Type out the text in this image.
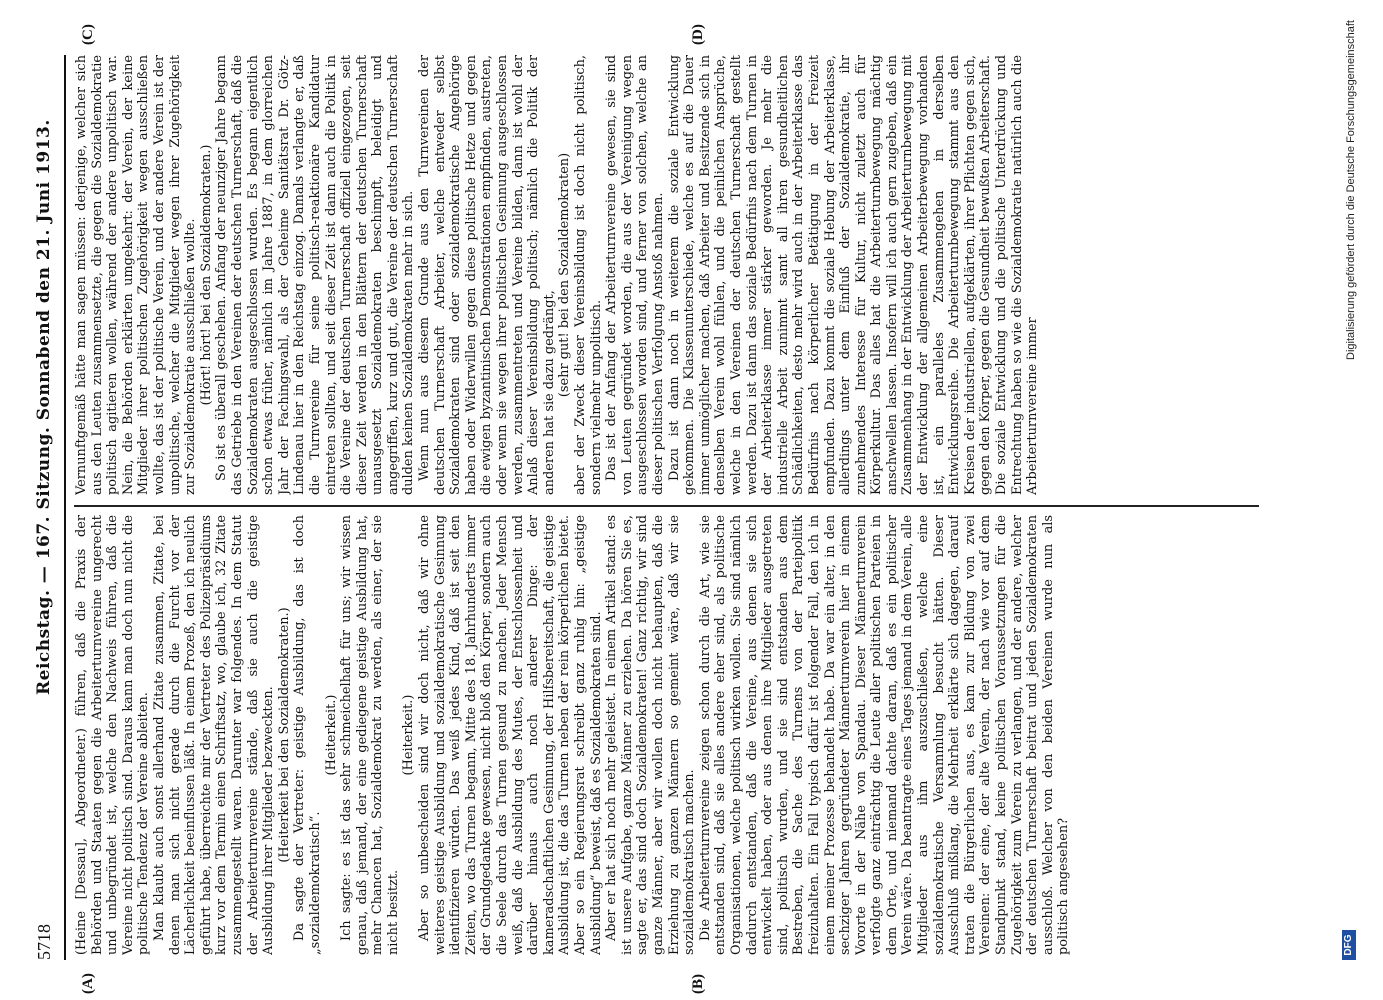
5718
Reichstag. — 167. Sitzung. Sonnabend den 21. Juni 1913.
(A)	(B)
(C)	(D)

(Heine [Dessau], Abgeordneter.) führen, daß die Praxis der Behörden und Staaten gegen die Arbeiterturnvereine ungerecht und unbegründet ist, welche den Nachweis führen, daß die Vereine nicht politisch sind. Daraus kann man doch nun nicht die politische Tendenz der Vereine ableiten. Man klaubt auch sonst allerhand Zitate zusammen, Zitate, bei denen man sich nicht gerade durch die Furcht vor der Lächerlichkeit beeinflussen läßt. In einem Prozeß, den ich neulich geführt habe, überreichte mir der Vertreter des Polizeipräsidiums kurz vor dem Termin einen Schriftsatz, wo, glaube ich, 32 Zitate zusammengestellt waren. Darunter war folgendes. In dem Statut der Arbeiterturnvereine stände, daß sie auch die geistige Ausbildung ihrer Mitglieder bezweckten. (Heiterkeit bei den Sozialdemokraten.) Da sagte der Vertreter: geistige Ausbildung, das ist doch „sozialdemokratisch“.

(Heiterkeit.) Ich sagte: es ist das sehr schmeichelhaft für uns; wir wissen genau, daß jemand, der eine gediegene geistige Ausbildung hat, mehr Chancen hat, Sozialdemokrat zu werden, als einer, der sie nicht besitzt.

(Heiterkeit.) Aber so unbescheiden sind wir doch nicht, daß wir ohne weiteres geistige Ausbildung und sozialdemokratische Gesinnung identifizieren würden. Das weiß jedes Kind, daß ist seit den Zeiten, wo das Turnen begann, Mitte des 18. Jahrhunderts immer der Grundgedanke gewesen, nicht bloß den Körper, sondern auch die Seele durch das Turnen gesund zu machen. Jeder Mensch weiß, daß die Ausbildung des Mutes, der Entschlossenheit und darüber hinaus auch noch anderer Dinge: der kameradschaftlichen Gesinnung, der Hilfsbereitschaft, die geistige Ausbildung ist, die das Turnen neben der rein körperlichen bietet. Aber so ein Regierungsrat schreibt ganz ruhig hin: „geistige Ausbildung“ beweist, daß es Sozialdemokraten sind. Aber er hat sich noch mehr geleistet. In einem Artikel stand: es ist unsere Aufgabe, ganze Männer zu erziehen. Da hören Sie es, sagte er, das sind doch Sozialdemokraten! Ganz richtig, wir sind ganze Männer, aber wir wollen doch nicht behaupten, daß die Erziehung zu ganzen Männern so gemeint wäre, daß wir sie sozialdemokratisch machen. Die Arbeiterturnvereine zeigen schon durch die Art, wie sie entstanden sind, daß sie alles andere eher sind, als politische Organisationen, welche politisch wirken wollen. Sie sind nämlich dadurch entstanden, daß die Vereine, aus denen sie sich entwickelt haben, oder aus denen ihre Mitglieder ausgetreten sind, politisch wurden, und sie sind entstanden aus dem Bestreben, die Sache des Turnens von der Parteipolitik freizuhalten. Ein Fall typisch dafür ist folgender Fall, den ich in einem meiner Prozesse behandelt habe. Da war ein alter, in den sechziger Jahren gegründeter Männerturnverein hier in einem Vororte in der Nähe von Spandau. Dieser Männerturnverein verfolgte ganz einträchtig die Leute aller politischen Parteien in dem Orte, und niemand dachte daran, daß es ein politischer Verein wäre. Da beantragte eines Tages jemand in dem Verein, alle Mitglieder aus ihm auszuschließen, welche eine sozialdemokratische Versammlung besucht hätten. Dieser Ausschluß mißlang, die Mehrheit erklärte sich dagegen, darauf traten die Bürgerlichen aus, es kam zur Bildung von zwei Vereinen: der eine, der alte Verein, der nach wie vor auf dem Standpunkt stand, keine politischen Voraussetzungen für die Zugehörigkeit zum Verein zu verlangen, und der andere, welcher der deutschen Turnerschaft beitrat und jeden Sozialdemokraten ausschloß. Welcher von den beiden Vereinen wurde nun als politisch angesehen?

Vernunftgemäß hätte man sagen müssen: derjenige, welcher sich aus den Leuten zusammensetzte, die gegen die Sozialdemokratie politisch agitieren wollen, während der andere unpolitisch war. Nein, die Behörden erklärten umgekehrt: der Verein, der keine Mitglieder ihrer politischen Zugehörigkeit wegen ausschließen wollte, das ist der politische Verein, und der andere Verein ist der unpolitische, welcher die Mitglieder wegen ihrer Zugehörigkeit zur Sozialdemokratie ausschließen wollte. (Hört! hört! bei den Sozialdemokraten.) So ist es überall geschehen. Anfang der neunziger Jahre begann das Getriebe in den Vereinen der deutschen Turnerschaft, daß die Sozialdemokraten ausgeschlossen wurden. Es begann eigentlich schon etwas früher, nämlich im Jahre 1887, in dem glorreichen Jahr der Fachingswahl, als der Geheime Sanitätsrat Dr. Götz-Lindenau hier in den Reichstag einzog. Damals verlangte er, daß die Turnvereine für seine politisch-reaktionäre Kandidatur eintreten sollten, und seit dieser Zeit ist dann auch die Politik in die Vereine der deutschen Turnerschaft offiziell eingezogen, seit dieser Zeit werden in den Blättern der deutschen Turnerschaft unausgesetzt Sozialdemokraten beschimpft, beleidigt und angegriffen, kurz und gut, die Vereine der deutschen Turnerschaft dulden keinen Sozialdemokraten mehr in sich. Wenn nun aus diesem Grunde aus den Turnvereinen der deutschen Turnerschaft Arbeiter, welche entweder selbst Sozialdemokraten sind oder sozialdemokratische Angehörige haben oder Widerwillen gegen diese politische Hetze und gegen die ewigen byzantinischen Demonstrationen empfinden, austreten, oder wenn sie wegen ihrer politischen Gesinnung ausgeschlossen werden, zusammentreten und Vereine bilden, dann ist wohl der Anlaß dieser Vereinsbildung politisch; nämlich die Politik der anderen hat sie dazu gedrängt, (sehr gut! bei den Sozialdemokraten) aber der Zweck dieser Vereinsbildung ist doch nicht politisch, sondern vielmehr unpolitisch. Das ist der Anfang der Arbeiterturnvereine gewesen, sie sind von Leuten gegründet worden, die aus der Vereinigung wegen ausgeschlossen worden sind, und ferner von solchen, welche an dieser politischen Verfolgung Anstoß nahmen. Dazu ist dann noch in weiterem die soziale Entwicklung gekommen. Die Klassenunterschiede, welche es auf die Dauer immer unmöglicher machen, daß Arbeiter und Besitzende sich in denselben Verein wohl fühlen, und die peinlichen Ansprüche, welche in den Vereinen der deutschen Turnerschaft gestellt werden. Dazu ist dann das soziale Bedürfnis nach dem Turnen in der Arbeiterklasse immer stärker geworden. Je mehr die industrielle Arbeit zunimmt samt all ihren gesundheitlichen Schädlichkeiten, desto mehr wird auch in der Arbeiterklasse das Bedürfnis nach körperlicher Betätigung in der Freizeit empfunden. Dazu kommt die soziale Hebung der Arbeiterklasse, allerdings unter dem Einfluß der Sozialdemokratie, ihr zunehmendes Interesse für Kultur, nicht zuletzt auch für Körperkultur. Das alles hat die Arbeiterturnbewegung mächtig anschwellen lassen. Insofern will ich auch gern zugeben, daß ein Zusammenhang in der Entwicklung der Arbeiterturnbewegung mit der Entwicklung der allgemeinen Arbeiterbewegung vorhanden ist, ein paralleles Zusammengehen in derselben Entwicklungsreihe. Die Arbeiterturnbewegung stammt aus den Kreisen der industriellen, aufgeklärten, ihrer Pflichten gegen sich, gegen den Körper, gegen die Gesundheit bewußten Arbeiterschaft. Die soziale Entwicklung und die politische Unterdrückung und Entrechtung haben so wie die Sozialdemokratie natürlich auch die Arbeiterturnvereine immer

Digitalisierung gefördert durch die Deutsche Forschungsgemeinschaft
DFG
